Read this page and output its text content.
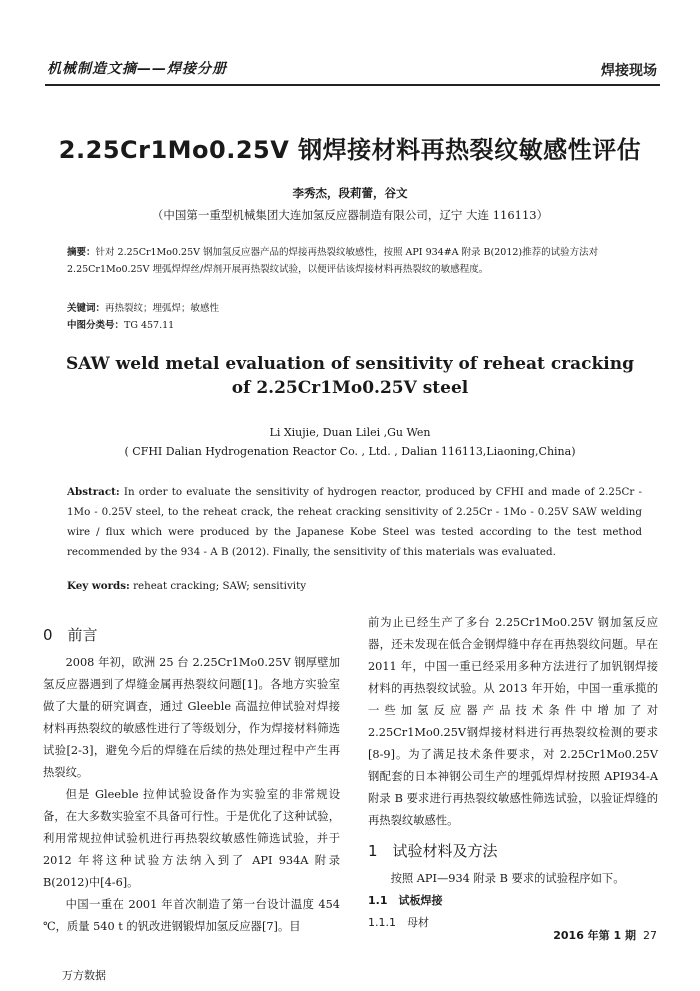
机械制造文摘——焊接分册	焊接现场
2.25Cr1Mo0.25V 钢焊接材料再热裂纹敏感性评估
李秀杰，段莉蕾，谷文
（中国第一重型机械集团大连加氢反应器制造有限公司，辽宁 大连 116113）
摘要：针对 2.25Cr1Mo0.25V 钢加氢反应器产品的焊接再热裂纹敏感性，按照 API 934#A 附录 B(2012)推荐的试验方法对 2.25Cr1Mo0.25V 埋弧焊焊丝/焊剂开展再热裂纹试验，以便评估该焊接材料再热裂纹的敏感程度。
关键词：再热裂纹；埋弧焊；敏感性
中图分类号：TG 457.11
SAW weld metal evaluation of sensitivity of reheat cracking
of 2.25Cr1Mo0.25V steel
Li Xiujie, Duan Lilei ,Gu Wen
( CFHI Dalian Hydrogenation Reactor Co. , Ltd. , Dalian 116113,Liaoning,China)
Abstract: In order to evaluate the sensitivity of hydrogen reactor, produced by CFHI and made of 2.25Cr - 1Mo - 0.25V steel, to the reheat crack, the reheat cracking sensitivity of 2.25Cr - 1Mo - 0.25V SAW welding wire / flux which were produced by the Japanese Kobe Steel was tested according to the test method recommended by the 934 - A B (2012). Finally, the sensitivity of this materials was evaluated.
Key words: reheat cracking; SAW; sensitivity
0　前言

2008 年初，欧洲 25 台 2.25Cr1Mo0.25V 钢厚壁加氢反应器遇到了焊缝金属再热裂纹问题[1]。各地方实验室做了大量的研究调查，通过 Gleeble 高温拉伸试验对焊接材料再热裂纹的敏感性进行了等级划分，作为焊接材料筛选试验[2-3]，避免今后的焊缝在后续的热处理过程中产生再热裂纹。

但是 Gleeble 拉伸试验设备作为实验室的非常规设备，在大多数实验室不具备可行性。于是优化了这种试验，利用常规拉伸试验机进行再热裂纹敏感性筛选试验，并于 2012 年将这种试验方法纳入到了 API 934A 附录 B(2012)中[4-6]。

中国一重在 2001 年首次制造了第一台设计温度 454 ℃，质量 540 t 的钒改进钢锻焊加氢反应器[7]。目

前为止已经生产了多台 2.25Cr1Mo0.25V 钢加氢反应器，还未发现在低合金钢焊缝中存在再热裂纹问题。早在 2011 年，中国一重已经采用多种方法进行了加钒钢焊接材料的再热裂纹试验。从 2013 年开始，中国一重承揽的一些加氢反应器产品技术条件中增加了对 2.25Cr1Mo0.25V钢焊接材料进行再热裂纹检测的要求[8-9]。为了满足技术条件要求，对 2.25Cr1Mo0.25V 钢配套的日本神钢公司生产的埋弧焊焊材按照 API934-A 附录 B 要求进行再热裂纹敏感性筛选试验，以验证焊缝的再热裂纹敏感性。

1　试验材料及方法

按照 API—934 附录 B 要求的试验程序如下。

1.1　试板焊接
1.1.1　母材
2016 年第 1 期 27
万方数据
